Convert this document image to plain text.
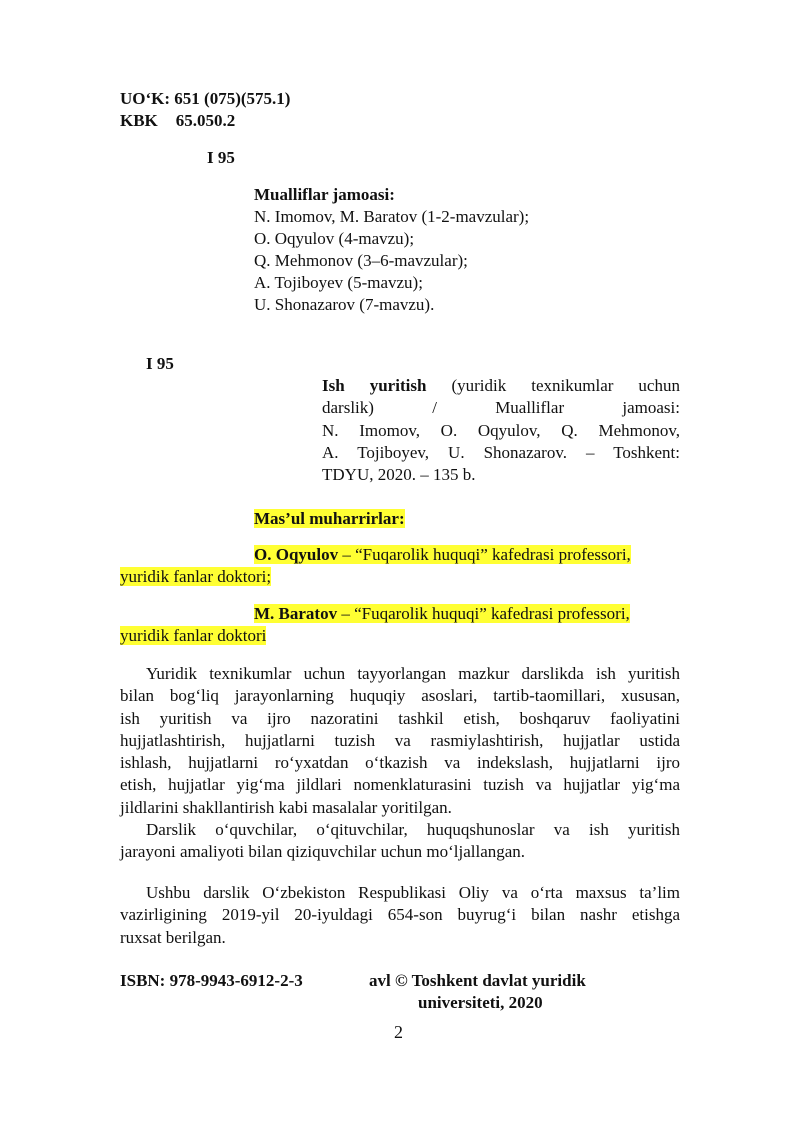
UO‘K: 651 (075)(575.1)
KBK 65.050.2
I 95
Mualliflar jamoasi:
N. Imomov, M. Baratov (1-2-mavzular);
O. Oqyulov (4-mavzu);
Q. Mehmonov (3–6-mavzular);
A. Tojiboyev (5-mavzu);
U. Shonazarov (7-mavzu).
I 95
Ish yuritish (yuridik texnikumlar uchun
darslik) / Mualliflar jamoasi:
N. Imomov, O. Oqyulov, Q. Mehmonov,
A. Tojiboyev, U. Shonazarov. – Toshkent:
TDYU, 2020. – 135 b.
Mas’ul muharrirlar:
O. Oqyulov – “Fuqarolik huquqi” kafedrasi professori,
yuridik fanlar doktori;
M. Baratov – “Fuqarolik huquqi” kafedrasi professori,
yuridik fanlar doktori
Yuridik texnikumlar uchun tayyorlangan mazkur darslikda ish yuritish
bilan bog‘liq jarayonlarning huquqiy asoslari, tartib-taomillari, xususan,
ish yuritish va ijro nazoratini tashkil etish, boshqaruv faoliyatini
hujjatlashtirish, hujjatlarni tuzish va rasmiylashtirish, hujjatlar ustida
ishlash, hujjatlarni ro‘yxatdan o‘tkazish va indekslash, hujjatlarni ijro
etish, hujjatlar yig‘ma jildlari nomenklaturasini tuzish va hujjatlar yig‘ma
jildlarini shakllantirish kabi masalalar yoritilgan.
Darslik o‘quvchilar, o‘qituvchilar, huquqshunoslar va ish yuritish
jarayoni amaliyoti bilan qiziquvchilar uchun mo‘ljallangan.
Ushbu darslik O‘zbekiston Respublikasi Oliy va o‘rta maxsus ta’lim
vazirligining 2019-yil 20-iyuldagi 654-son buyrug‘i bilan nashr etishga
ruxsat berilgan.
ISBN: 978-9943-6912-2-3	avl © Toshkent davlat yuridik
universiteti, 2020
2
